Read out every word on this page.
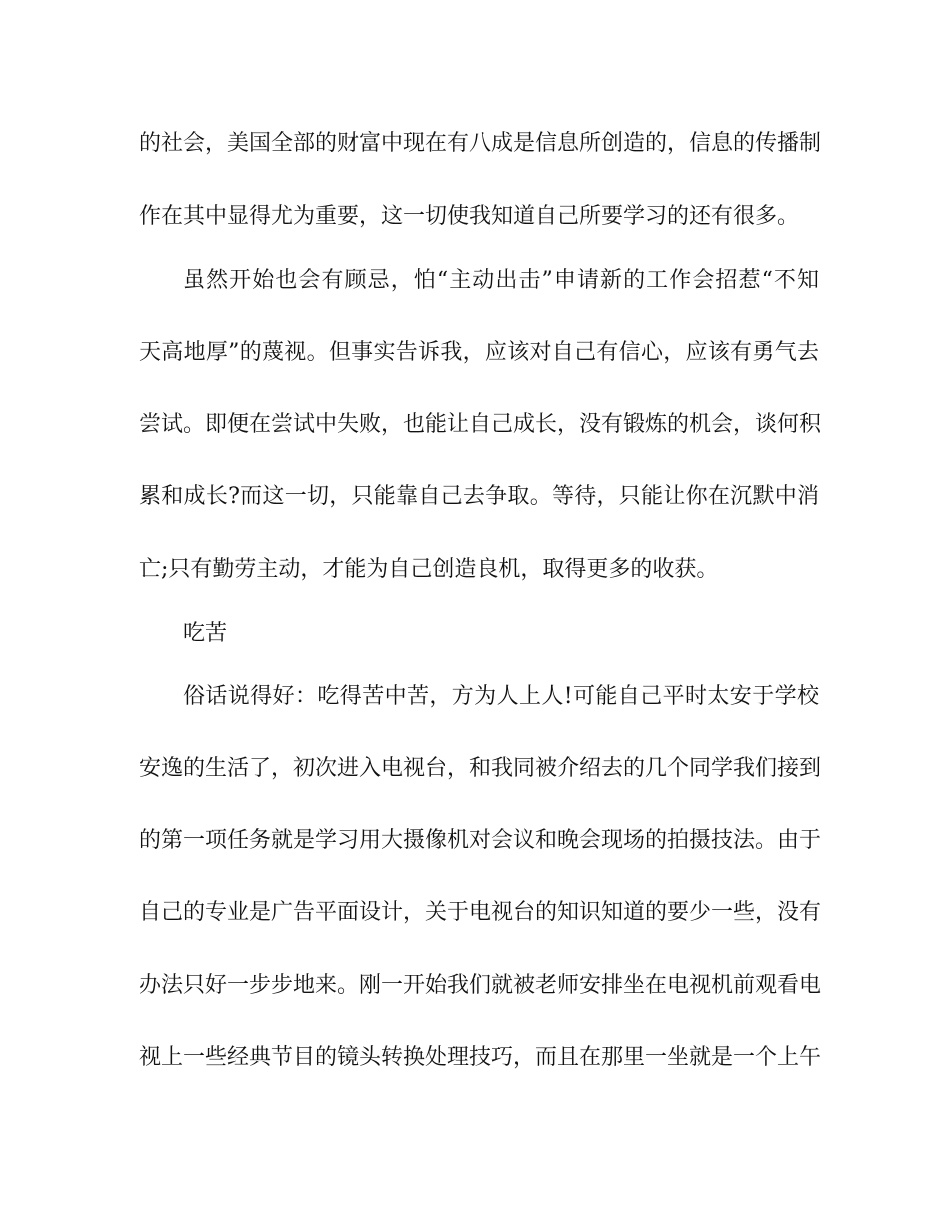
的社会，美国全部的财富中现在有八成是信息所创造的，信息的传播制
作在其中显得尤为重要，这一切使我知道自己所要学习的还有很多。
虽然开始也会有顾忌，怕“主动出击”申请新的工作会招惹“不知
天高地厚”的蔑视。但事实告诉我，应该对自己有信心，应该有勇气去
尝试。即便在尝试中失败，也能让自己成长，没有锻炼的机会，谈何积
累和成长?而这一切，只能靠自己去争取。等待，只能让你在沉默中消
亡;只有勤劳主动，才能为自己创造良机，取得更多的收获。
吃苦
俗话说得好：吃得苦中苦，方为人上人!可能自己平时太安于学校
安逸的生活了，初次进入电视台，和我同被介绍去的几个同学我们接到
的第一项任务就是学习用大摄像机对会议和晚会现场的拍摄技法。由于
自己的专业是广告平面设计，关于电视台的知识知道的要少一些，没有
办法只好一步步地来。刚一开始我们就被老师安排坐在电视机前观看电
视上一些经典节目的镜头转换处理技巧，而且在那里一坐就是一个上午
